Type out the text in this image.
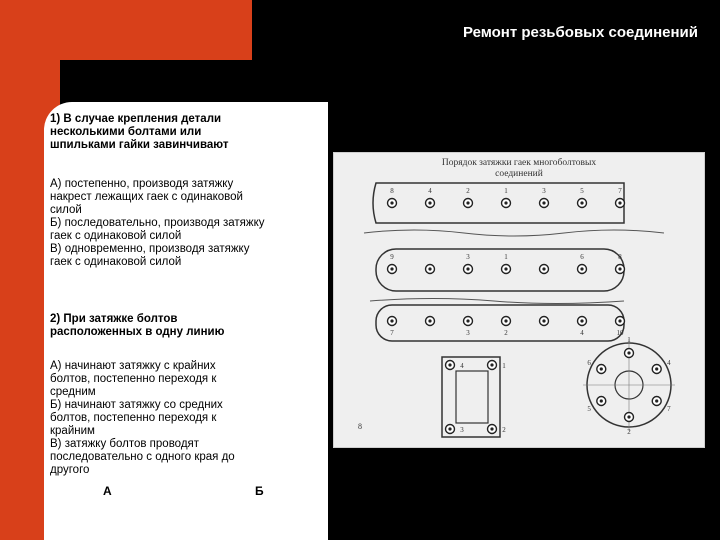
Ремонт резьбовых соединений
1) В случае крепления детали
несколькими болтами или
шпильками гайки завинчивают
А) постепенно, производя затяжку
накрест лежащих гаек с одинаковой
силой
Б) последовательно, производя затяжку
гаек с одинаковой силой
В) одновременно, производя затяжку
гаек с одинаковой силой
2) При затяжке болтов
расположенных в одну линию
А) начинают затяжку с крайних
болтов, постепенно переходя к
средним
Б) начинают затяжку со средних
болтов, постепенно переходя к
крайним
В) затяжку болтов проводят
последовательно с одного края до
другого
А	Б
Порядок затяжки гаек многоболтовых
соединений
8	4	2	1	3	5	7
9	3	1	6	8
7	3	2	4	10
4	1
2
3
1
6
5
2
7
4
8
